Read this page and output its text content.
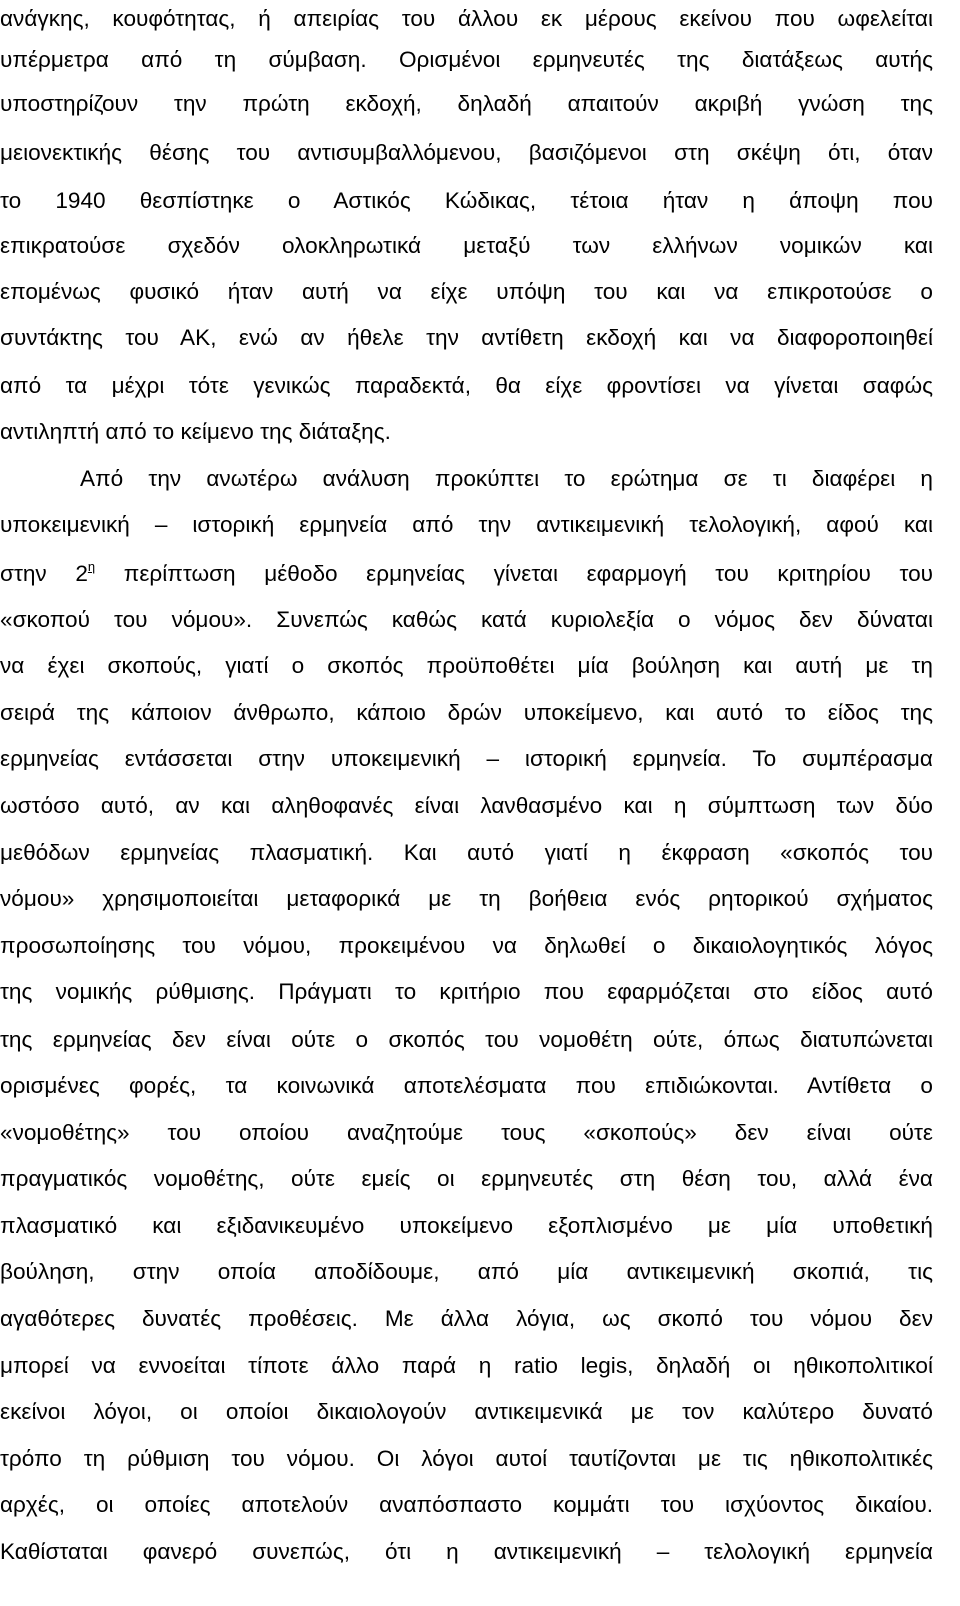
ανάγκης, κουφότητας, ή απειρίας του άλλου εκ μέρους εκείνου που ωφελείται
υπέρμετρα από τη σύμβαση. Ορισμένοι ερμηνευτές της διατάξεως αυτής
υποστηρίζουν την πρώτη εκδοχή, δηλαδή απαιτούν ακριβή γνώση της
μειονεκτικής θέσης του αντισυμβαλλόμενου, βασιζόμενοι στη σκέψη ότι, όταν
το 1940 θεσπίστηκε ο Αστικός Κώδικας, τέτοια ήταν η άποψη που
επικρατούσε σχεδόν ολοκληρωτικά μεταξύ των ελλήνων νομικών και
επομένως φυσικό ήταν αυτή να είχε υπόψη του και να επικροτούσε ο
συντάκτης του ΑΚ, ενώ αν ήθελε την αντίθετη εκδοχή και να διαφοροποιηθεί
από τα μέχρι τότε γενικώς παραδεκτά, θα είχε φροντίσει να γίνεται σαφώς
αντιληπτή από το κείμενο της διάταξης.
Από την ανωτέρω ανάλυση προκύπτει το ερώτημα σε τι διαφέρει η
υποκειμενική – ιστορική ερμηνεία από την αντικειμενική τελολογική, αφού και
στην $2^\eta$ περίπτωση μέθοδο ερμηνείας γίνεται εφαρμογή του κριτηρίου του
«σκοπού του νόμου». Συνεπώς καθώς κατά κυριολεξία ο νόμος δεν δύναται
να έχει σκοπούς, γιατί ο σκοπός προϋποθέτει μία βούληση και αυτή με τη
σειρά της κάποιον άνθρωπο, κάποιο δρών υποκείμενο, και αυτό το είδος της
ερμηνείας εντάσσεται στην υποκειμενική – ιστορική ερμηνεία. Το συμπέρασμα
ωστόσο αυτό, αν και αληθοφανές είναι λανθασμένο και η σύμπτωση των δύο
μεθόδων ερμηνείας πλασματική. Και αυτό γιατί η έκφραση «σκοπός του
νόμου» χρησιμοποιείται μεταφορικά με τη βοήθεια ενός ρητορικού σχήματος
προσωποίησης του νόμου, προκειμένου να δηλωθεί ο δικαιολογητικός λόγος
της νομικής ρύθμισης. Πράγματι το κριτήριο που εφαρμόζεται στο είδος αυτό
της ερμηνείας δεν είναι ούτε ο σκοπός του νομοθέτη ούτε, όπως διατυπώνεται
ορισμένες φορές, τα κοινωνικά αποτελέσματα που επιδιώκονται. Αντίθετα ο
«νομοθέτης» του οποίου αναζητούμε τους «σκοπούς» δεν είναι ούτε
πραγματικός νομοθέτης, ούτε εμείς οι ερμηνευτές στη θέση του, αλλά ένα
πλασματικό και εξιδανικευμένο υποκείμενο εξοπλισμένο με μία υποθετική
βούληση, στην οποία αποδίδουμε, από μία αντικειμενική σκοπιά, τις
αγαθότερες δυνατές προθέσεις. Με άλλα λόγια, ως σκοπό του νόμου δεν
μπορεί να εννοείται τίποτε άλλο παρά η ratio legis, δηλαδή οι ηθικοπολιτικοί
εκείνοι λόγοι, οι οποίοι δικαιολογούν αντικειμενικά με τον καλύτερο δυνατό
τρόπο τη ρύθμιση του νόμου. Οι λόγοι αυτοί ταυτίζονται με τις ηθικοπολιτικές
αρχές, οι οποίες αποτελούν αναπόσπαστο κομμάτι του ισχύοντος δικαίου.
Καθίσταται φανερό συνεπώς, ότι η αντικειμενική – τελολογική ερμηνεία
